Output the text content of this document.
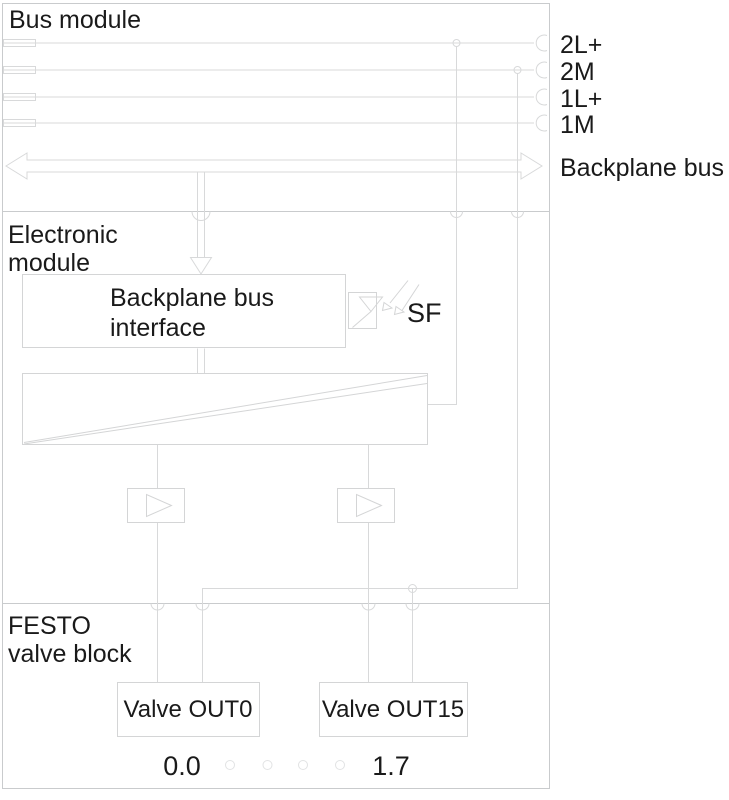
Bus module
2L+
2M
1L+
1M
Backplane bus
Electronic
module
Backplane bus
interface	SF
FESTO
valve block
Valve OUT0	Valve OUT15
0.0	1.7
